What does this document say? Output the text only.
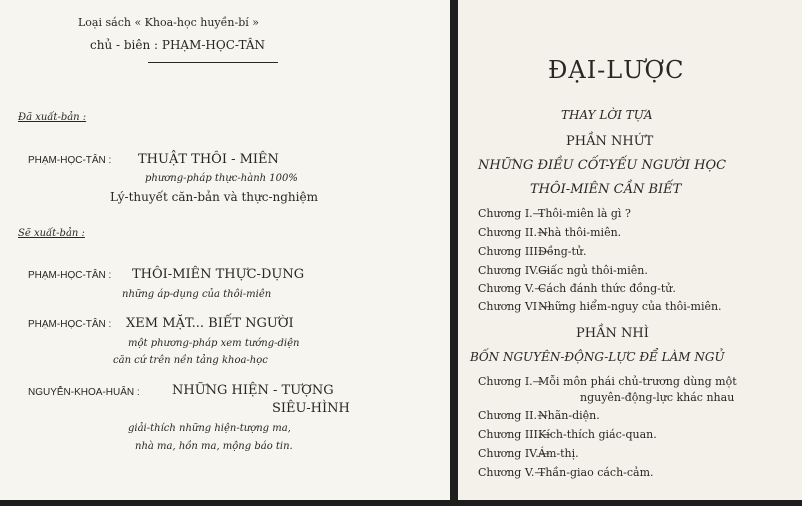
Loại sách « Khoa-học huyền-bí »
chủ - biên : PHẠM-HỌC-TÂN
Đã xuất-bản :
PHẠM-HỌC-TÂN : THUẬT THÔI - MIÊN
phương-pháp thực-hành 100%
Lý-thuyết căn-bản và thực-nghiệm
Sẽ xuất-bản :
PHẠM-HỌC-TÂN : THÔI-MIÊN THỰC-DỤNG
những áp-dụng của thôi-miên
PHẠM-HỌC-TÂN : XEM MẶT... BIẾT NGƯỜI
một phương-pháp xem tướng-diện
căn cứ trên nền tảng khoa-học
NGUYỄN-KHOA-HUÂN : NHỮNG HIỆN - TƯỢNG
SIÊU-HÌNH
giải-thích những hiện-tượng ma,
nhà ma, hồn ma, mộng báo tin.
ĐẠI-LƯỢC
THAY LỜI TỰA
PHẦN NHỨT
NHỮNG ĐIỀU CỐT-YẾU NGƯỜI HỌC
THÔI-MIÊN CẦN BIẾT
Chương I.—Thôi-miên là gì ?
Chương II.—Nhà thôi-miên.
Chương III.—Đồng-tử.
Chương IV.—Giấc ngủ thôi-miên.
Chương V.—Cách đánh thức đồng-tử.
Chương VI —Những hiểm-nguy của thôi-miên.
PHẦN NHÌ
BỐN NGUYÊN-ĐỘNG-LỰC ĐỂ LÀM NGỦ
Chương I.—Mỗi môn phái chủ-trương dùng một
nguyên-động-lực khác nhau
Chương II.—Nhãn-diện.
Chương III.—Kích-thích giác-quan.
Chương IV.—Ám-thị.
Chương V.—Thần-giao cách-cảm.
